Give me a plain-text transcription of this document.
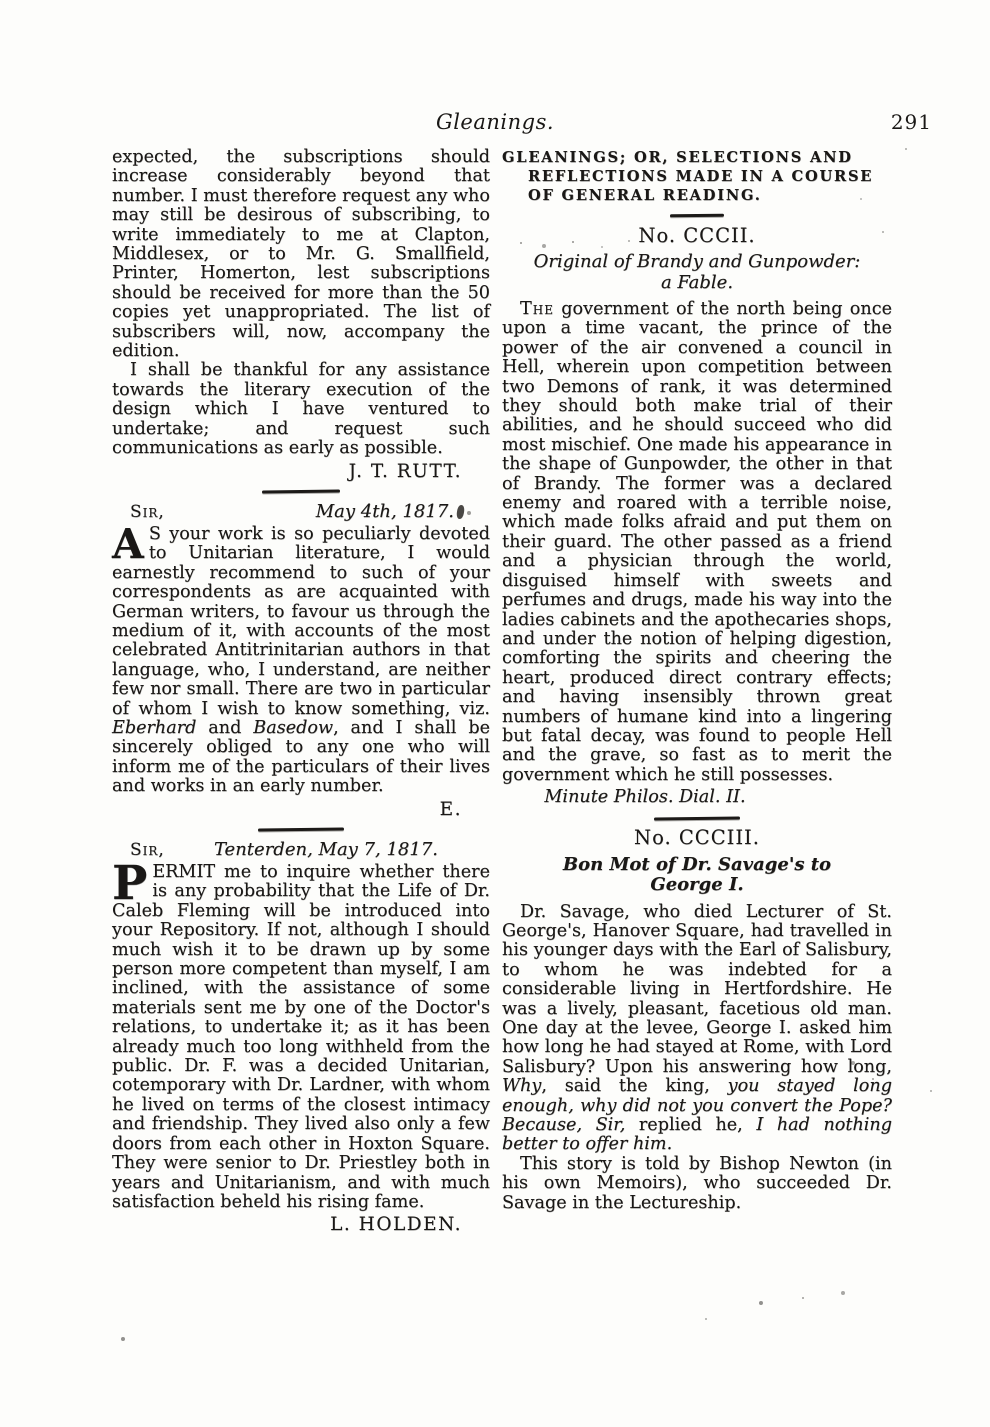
Gleanings.	291

expected, the subscriptions should increase considerably beyond that number. I must therefore request any who may still be desirous of subscribing, to write immediately to me at Clapton, Middlesex, or to Mr. G. Smallfield, Printer, Homerton, lest subscriptions should be received for more than the 50 copies yet unappropriated. The list of subscribers will, now, accompany the edition.

I shall be thankful for any assistance towards the literary execution of the design which I have ventured to undertake; and request such communications as early as possible.

J. T. RUTT.
Sir,	May 4th, 1817.

A S your work is so peculiarly devoted to Unitarian literature, I would earnestly recommend to such of your correspondents as are acquainted with German writers, to favour us through the medium of it, with accounts of the most celebrated Antitrinitarian authors in that language, who, I understand, are neither few nor small. There are two in particular of whom I wish to know something, viz. Eberhard and Basedow, and I shall be sincerely obliged to any one who will inform me of the particulars of their lives and works in an early number.

E.
Sir,	Tenterden, May 7, 1817.

PERMIT me to inquire whether there is any probability that the Life of Dr. Caleb Fleming will be introduced into your Repository. If not, although I should much wish it to be drawn up by some person more competent than myself, I am inclined, with the assistance of some materials sent me by one of the Doctor's relations, to undertake it; as it has been already much too long withheld from the public. Dr. F. was a decided Unitarian, cotemporary with Dr. Lardner, with whom he lived on terms of the closest intimacy and friendship. They lived also only a few doors from each other in Hoxton Square. They were senior to Dr. Priestley both in years and Unitarianism, and with much satisfaction beheld his rising fame.

L. HOLDEN.
GLEANINGS; OR, SELECTIONS AND
REFLECTIONS MADE IN A COURSE
OF GENERAL READING.
No. CCCII.
Original of Brandy and Gunpowder:
a Fable.

The government of the north being once upon a time vacant, the prince of the power of the air convened a council in Hell, wherein upon competition between two Demons of rank, it was determined they should both make trial of their abilities, and he should succeed who did most mischief. One made his appearance in the shape of Gunpowder, the other in that of Brandy. The former was a declared enemy and roared with a terrible noise, which made folks afraid and put them on their guard. The other passed as a friend and a physician through the world, disguised himself with sweets and perfumes and drugs, made his way into the ladies cabinets and the apothecaries shops, and under the notion of helping digestion, comforting the spirits and cheering the heart, produced direct contrary effects; and having insensibly thrown great numbers of humane kind into a lingering but fatal decay, was found to people Hell and the grave, so fast as to merit the government which he still possesses.

Minute Philos. Dial. II.
No. CCCIII.
Bon Mot of Dr. Savage's to
George I.

Dr. Savage, who died Lecturer of St. George's, Hanover Square, had travelled in his younger days with the Earl of Salisbury, to whom he was indebted for a considerable living in Hertfordshire. He was a lively, pleasant, facetious old man. One day at the levee, George I. asked him how long he had stayed at Rome, with Lord Salisbury? Upon his answering how long, Why, said the king, you stayed long enough, why did not you convert the Pope? Because, Sir, replied he, I had nothing better to offer him.

This story is told by Bishop Newton (in his own Memoirs), who succeeded Dr. Savage in the Lectureship.
